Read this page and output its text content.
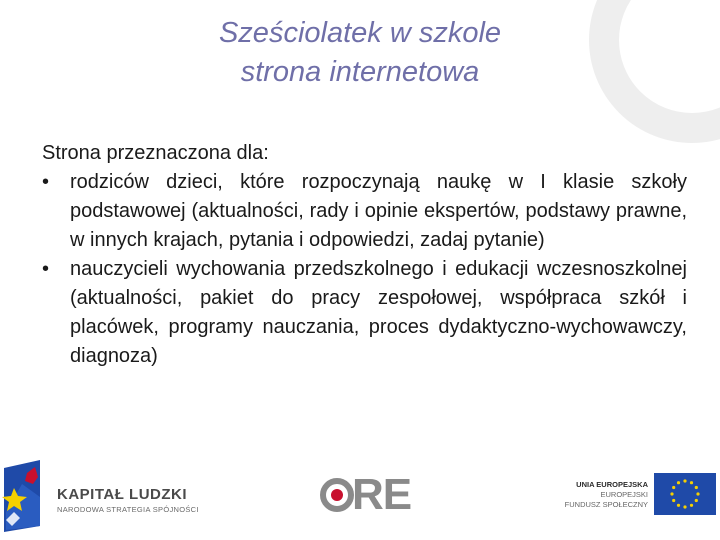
Sześciolatek w szkole
strona internetowa

Strona przeznaczona dla:

• rodziców dzieci, które rozpoczynają naukę w I klasie szkoły podstawowej (aktualności, rady i opinie ekspertów, podstawy prawne, w innych krajach, pytania i odpowiedzi, zadaj pytanie)
• nauczycieli wychowania przedszkolnego i edukacji wczesnoszkolnej (aktualności, pakiet do pracy zespołowej, współpraca szkół i placówek, programy nauczania, proces dydaktyczno-wychowawczy, diagnoza)
KAPITAŁ LUDZKI
NARODOWA STRATEGIA SPÓJNOŚCI	RE	UNIA EUROPEJSKA
EUROPEJSKI
FUNDUSZ SPOŁECZNY
